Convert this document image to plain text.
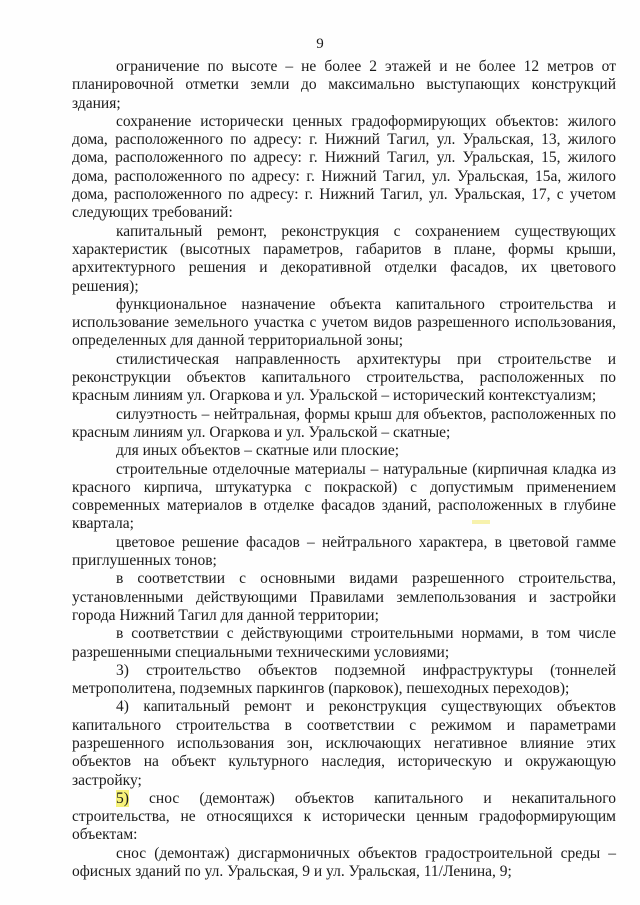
9

ограничение по высоте – не более 2 этажей и не более 12 метров от планировочной отметки земли до максимально выступающих конструкций здания;

сохранение исторически ценных градоформирующих объектов: жилого дома, расположенного по адресу: г. Нижний Тагил, ул. Уральская, 13, жилого дома, расположенного по адресу: г. Нижний Тагил, ул. Уральская, 15, жилого дома, расположенного по адресу: г. Нижний Тагил, ул. Уральская, 15а, жилого дома, расположенного по адресу: г. Нижний Тагил, ул. Уральская, 17, с учетом следующих требований:

капитальный ремонт, реконструкция с сохранением существующих характеристик (высотных параметров, габаритов в плане, формы крыши, архитектурного решения и декоративной отделки фасадов, их цветового решения);

функциональное назначение объекта капитального строительства и использование земельного участка с учетом видов разрешенного использования, определенных для данной территориальной зоны;

стилистическая направленность архитектуры при строительстве и реконструкции объектов капитального строительства, расположенных по красным линиям ул. Огаркова и ул. Уральской – исторический контекстуализм;

силуэтность – нейтральная, формы крыш для объектов, расположенных по красным линиям ул. Огаркова и ул. Уральской – скатные;

для иных объектов – скатные или плоские;

строительные отделочные материалы – натуральные (кирпичная кладка из красного кирпича, штукатурка с покраской) с допустимым применением современных материалов в отделке фасадов зданий, расположенных в глубине квартала;

цветовое решение фасадов – нейтрального характера, в цветовой гамме приглушенных тонов;

в соответствии с основными видами разрешенного строительства, установленными действующими Правилами землепользования и застройки города Нижний Тагил для данной территории;

в соответствии с действующими строительными нормами, в том числе разрешенными специальными техническими условиями;

3) строительство объектов подземной инфраструктуры (тоннелей метрополитена, подземных паркингов (парковок), пешеходных переходов);

4) капитальный ремонт и реконструкция существующих объектов капитального строительства в соответствии с режимом и параметрами разрешенного использования зон, исключающих негативное влияние этих объектов на объект культурного наследия, историческую и окружающую застройку;

5) снос (демонтаж) объектов капитального и некапитального строительства, не относящихся к исторически ценным градоформирующим объектам:

снос (демонтаж) дисгармоничных объектов градостроительной среды – офисных зданий по ул. Уральская, 9 и ул. Уральская, 11/Ленина, 9;
